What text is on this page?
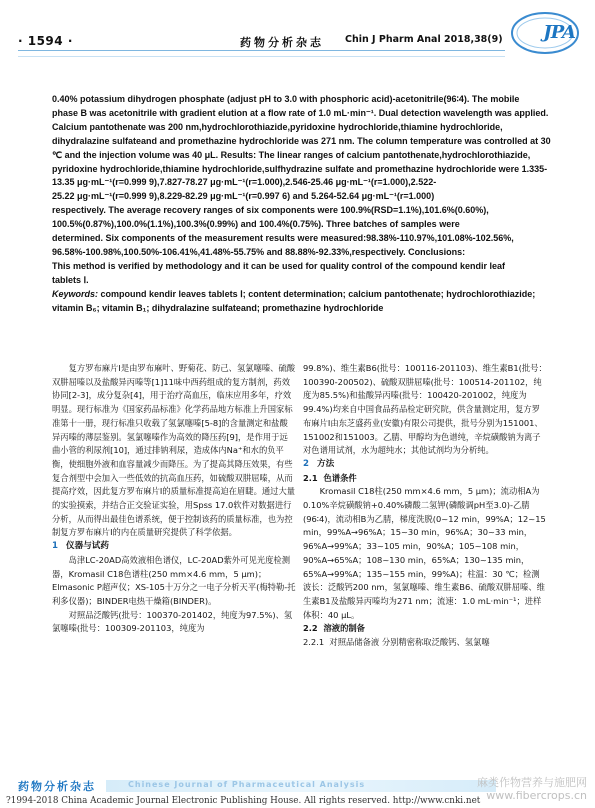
· 1594 ·	药物分析杂志 Chin J Pharm Anal 2018,38(9) JPA
0.40% potassium dihydrogen phosphate (adjust pH to 3.0 with phosphoric acid)-acetonitrile(96∶4). The mobile
phase B was acetonitrile with gradient elution at a flow rate of 1.0 mL·min⁻¹. Dual detection wavelength was applied.
Calcium pantothenate was 200 nm,hydrochlorothiazide,pyridoxine hydrochloride,thiamine hydrochloride,
dihydralazine sulfateand and promethazine hydrochloride was 271 nm. The column temperature was controlled at 30
℃ and the injection volume was 40 μL. Results: The linear ranges of calcium pantothenate,hydrochlorothiazide,
pyridoxine hydrochloride,thiamine hydrochloride,sulfhydrazine sulfate and promethazine hydrochloride were 1.335-
13.35 μg·mL⁻¹(r=0.999 9),7.827-78.27 μg·mL⁻¹(r=1.000),2.546-25.46 μg·mL⁻¹(r=1.000),2.522-
25.22 μg·mL⁻¹(r=0.999 9),8.229-82.29 μg·mL⁻¹(r=0.997 6) and 5.264-52.64 μg·mL⁻¹(r=1.000)
respectively. The average recovery ranges of six components were 100.9%(RSD=1.1%),101.6%(0.60%),
100.5%(0.87%),100.0%(1.1%),100.3%(0.99%) and 100.4%(0.75%). Three batches of samples were
determined. Six components of the measurement results were measured:98.38%-110.97%,101.08%-102.56%,
96.58%-100.98%,100.50%-106.41%,41.48%-55.75% and 88.88%-92.33%,respectively. Conclusions:
This method is verified by methodology and it can be used for quality control of the compound kendir leaf
tablets Ⅰ.
Keywords: compound kendir leaves tablets Ⅰ; content determination; calcium pantothenate; hydrochlorothiazide;
vitamin B₆; vitamin B₁; dihydralazine sulfateand; promethazine hydrochloride

复方罗布麻片Ⅰ是由罗布麻叶、野菊花、防己、氢氯噻嗪、硫酸双肼屈嗪以及盐酸异丙嗪等[1]11味中西药组成的复方制剂，药效协同[2-3]，成分复杂[4]，用于治疗高血压，临床应用多年，疗效明显。现行标准为《国家药品标准》化学药品地方标准上升国家标准第十一册，现行标准只收载了氢氯噻嗪[5-8]的含量测定和盐酸异丙嗪的薄层鉴别。氢氯噻嗪作为高效的降压药[9]，是作用于远曲小管的利尿剂[10]，通过排钠利尿，造成体内Na⁺和水的负平衡，使细胞外液和血容量减少而降压。为了提高其降压效果，有些复合剂型中会加入一些低效的抗高血压药，如硫酸双肼屈嗪，从而提高疗效，因此复方罗布麻片Ⅰ的质量标准提高迫在眉睫。通过大量的实验摸索，并结合正交验证实验，用Spss 17.0软件对数据进行分析，从而得出最佳色谱系统，便于控制该药的质量标准，也为控制复方罗布麻片Ⅰ的内在质量研究提供了科学依据。

1 仪器与试药

岛津LC-20AD高效液相色谱仪，LC-20AD紫外可见光度检测器，Kromasil C18色谱柱(250 mm×4.6 mm，5 μm)；Elmasonic P超声仪；XS-105十万分之一电子分析天平(梅特勒-托利多仪器)；BINDER电热干燥箱(BINDER)。

对照品泛酸钙(批号：100370-201402，纯度为97.5%)、氢氯噻嗪(批号：100309-201103，纯度为

99.8%)、维生素B6(批号：100116-201103)、维生素B1(批号：100390-200502)、硫酸双肼屈嗪(批号：100514-201102，纯度为85.5%)和盐酸异丙嗪(批号：100420-201002，纯度为99.4%)均来自中国食品药品检定研究院，供含量测定用，复方罗布麻片Ⅰ由东芝盛药业(安徽)有限公司提供，批号分别为151001、151002和151003。乙腈、甲醇均为色谱纯，辛烷磺酸钠为离子对色谱用试剂，水为超纯水；其他试剂均为分析纯。

2 方法

2.1 色谱条件

Kromasil C18柱(250 mm×4.6 mm，5 μm)；流动相A为0.10%辛烷磺酸钠+0.40%磷酸二氢钾(磷酸调pH至3.0)-乙腈(96∶4)，流动相B为乙腈，梯度洗脱(0~12 min，99%A；12~15 min，99%A→96%A；15~30 min，96%A；30~33 min，96%A→99%A；33~105 min，90%A；105~108 min，90%A→65%A；108~130 min，65%A；130~135 min，65%A→99%A；135~155 min，99%A)；柱温：30 ℃；检测波长：泛酸钙200 nm，氢氯噻嗪、维生素B6、硫酸双肼屈嗪、维生素B1及盐酸异丙嗪均为271 nm；流速：1.0 mL·min⁻¹；进样体积：40 μL。

2.2 溶液的制备

2.2.1 对照品储备液 分别精密称取泛酸钙、氢氯噻

药物分析杂志	Chinese Journal of Pharmaceutical Analysis	麻类作物营养与施肥网
www.fibercrops.cn
?1994-2018 China Academic Journal Electronic Publishing House. All rights reserved. http://www.cnki.net
